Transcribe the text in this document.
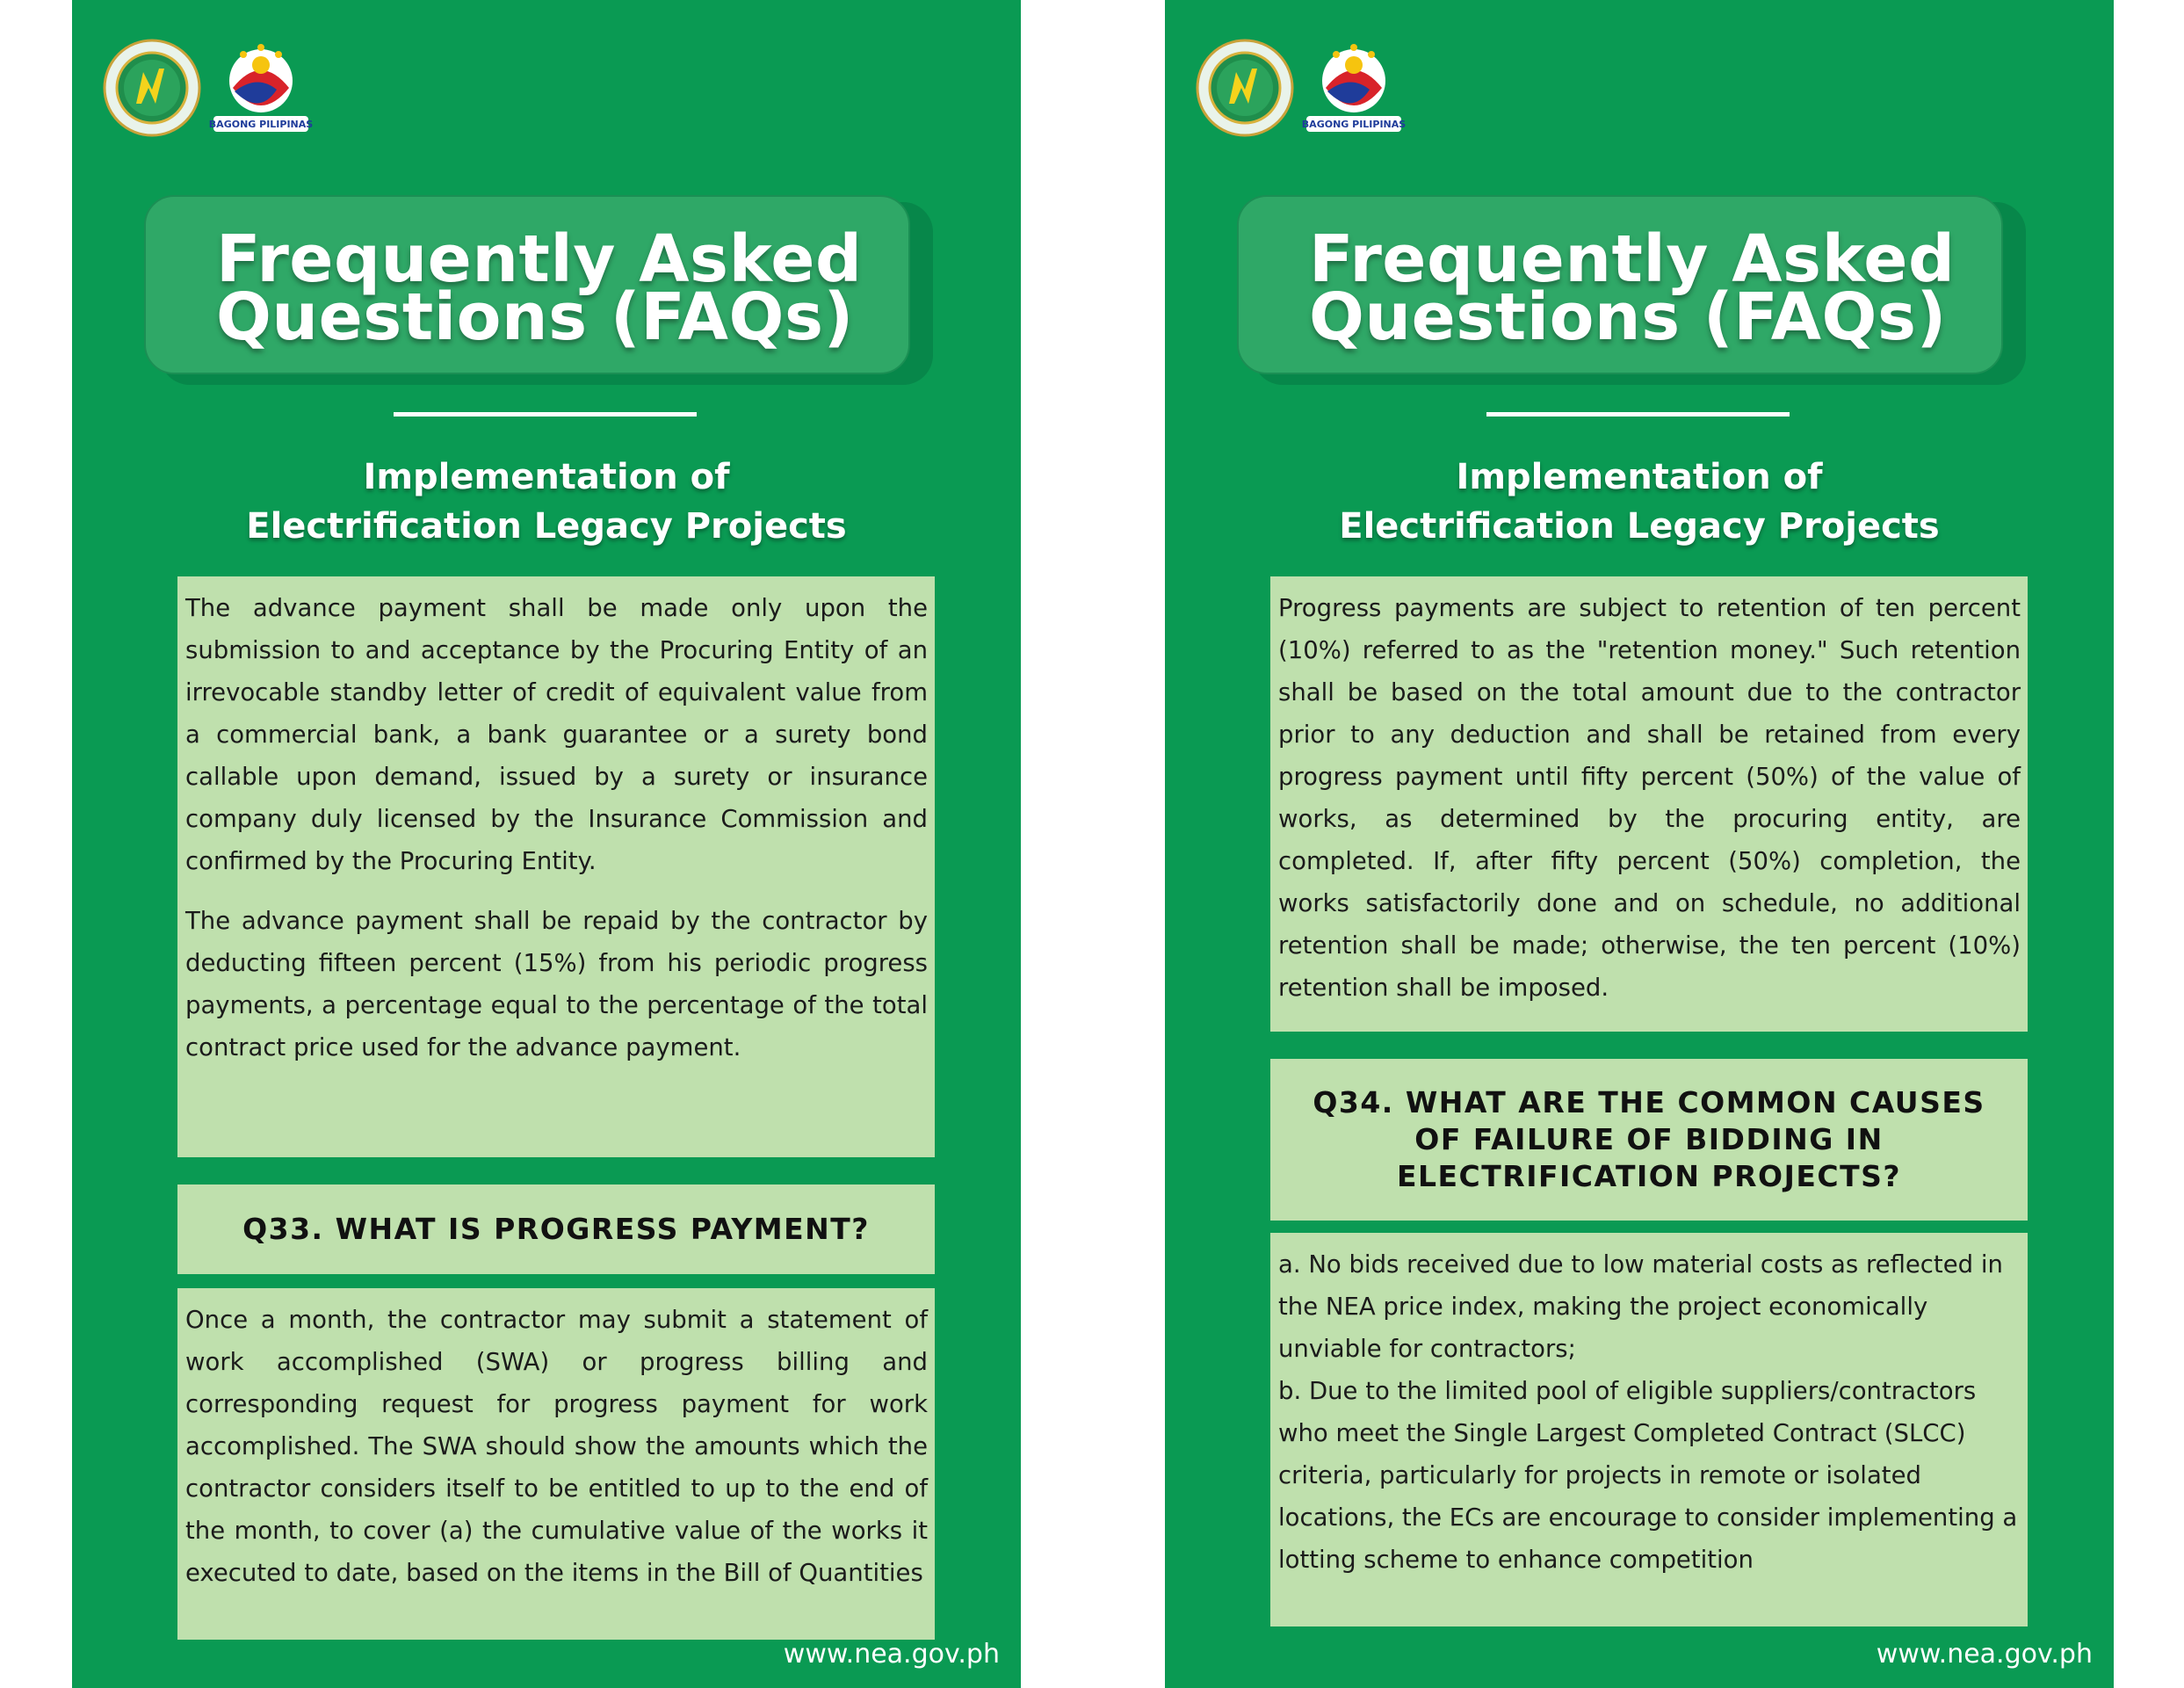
BAGONG PILIPINAS
Frequently Asked Questions (FAQs)
Implementation of Electrification Legacy Projects

The advance payment shall be made only upon the submission to and acceptance by the Procuring Entity of an irrevocable standby letter of credit of equivalent value from a commercial bank, a bank guarantee or a surety bond callable upon demand, issued by a surety or insurance company duly licensed by the Insurance Commission and confirmed by the Procuring Entity.

The advance payment shall be repaid by the contractor by deducting fifteen percent (15%) from his periodic progress payments, a percentage equal to the percentage of the total contract price used for the advance payment.

Q33. WHAT IS PROGRESS PAYMENT?

Once a month, the contractor may submit a statement of work accomplished (SWA) or progress billing and corresponding request for progress payment for work accomplished. The SWA should show the amounts which the contractor considers itself to be entitled to up to the end of the month, to cover (a) the cumulative value of the works it executed to date, based on the items in the Bill of Quantities

www.nea.gov.ph
BAGONG PILIPINAS
Frequently Asked Questions (FAQs)
Implementation of Electrification Legacy Projects

Progress payments are subject to retention of ten percent (10%) referred to as the "retention money." Such retention shall be based on the total amount due to the contractor prior to any deduction and shall be retained from every progress payment until fifty percent (50%) of the value of works, as determined by the procuring entity, are completed. If, after fifty percent (50%) completion, the works satisfactorily done and on schedule, no additional retention shall be made; otherwise, the ten percent (10%) retention shall be imposed.

Q34. WHAT ARE THE COMMON CAUSES OF FAILURE OF BIDDING IN ELECTRIFICATION PROJECTS?

a. No bids received due to low material costs as reflected in the NEA price index, making the project economically unviable for contractors;

b. Due to the limited pool of eligible suppliers/contractors who meet the Single Largest Completed Contract (SLCC) criteria, particularly for projects in remote or isolated locations, the ECs are encourage to consider implementing a lotting scheme to enhance competition

www.nea.gov.ph
